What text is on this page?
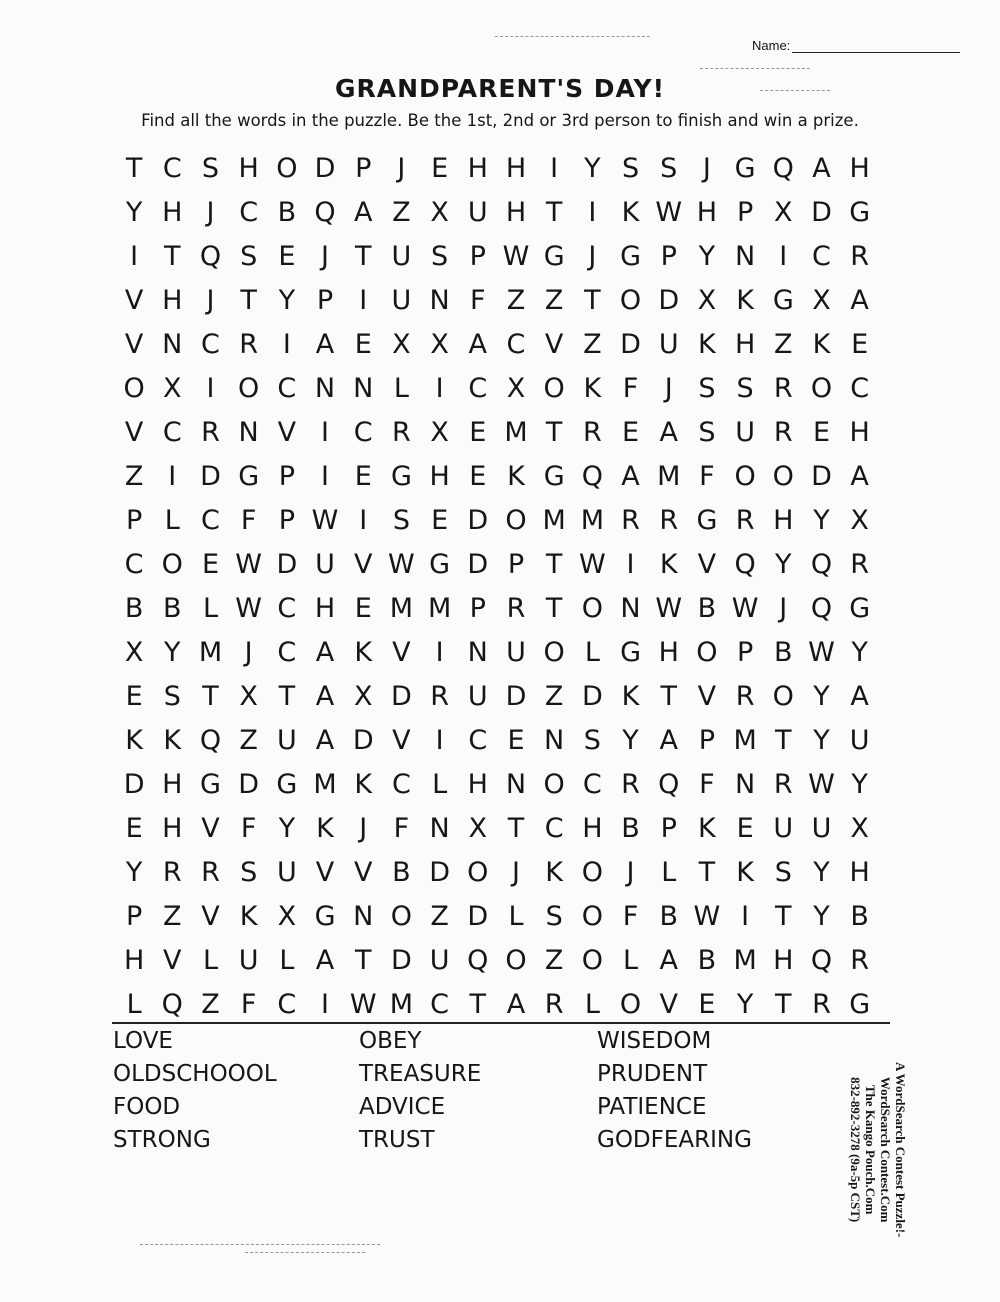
Name:
GRANDPARENT'S DAY!
Find all the words in the puzzle. Be the 1st, 2nd or 3rd person to finish and win a prize.
T C S H O D P J E H H I Y S S J G Q A H
Y H J C B Q A Z X U H T I K W H P X D G
I T Q S E J T U S P W G J G P Y N I C R
V H J T Y P I U N F Z Z T O D X K G X A
V N C R I A E X X A C V Z D U K H Z K E
O X I O C N N L I C X O K F J S S R O C
V C R N V I C R X E M T R E A S U R E H
Z I D G P I E G H E K G Q A M F O O D A
P L C F P W I S E D O M M R R G R H Y X
C O E W D U V W G D P T W I K V Q Y Q R
B B L W C H E M M P R T O N W B W J Q G
X Y M J C A K V I N U O L G H O P B W Y
E S T X T A X D R U D Z D K T V R O Y A
K K Q Z U A D V I C E N S Y A P M T Y U
D H G D G M K C L H N O C R Q F N R W Y
E H V F Y K J F N X T C H B P K E U U X
Y R R S U V V B D O J K O J L T K S Y H
P Z V K X G N O Z D L S O F B W I T Y B
H V L U L A T D U Q O Z O L A B M H Q R
L Q Z F C I W M C T A R L O V E Y T R G
LOVE	OBEY	WISEDOM
OLDSCHOOOL	TREASURE	PRUDENT
FOOD	ADVICE	PATIENCE
STRONG	TRUST	GODFEARING	A WordSearch Contest Puzzle!-
WordSearch Contest.Com
The Kango Pouch.Com
832-892-3278 (9a-5p CST)
